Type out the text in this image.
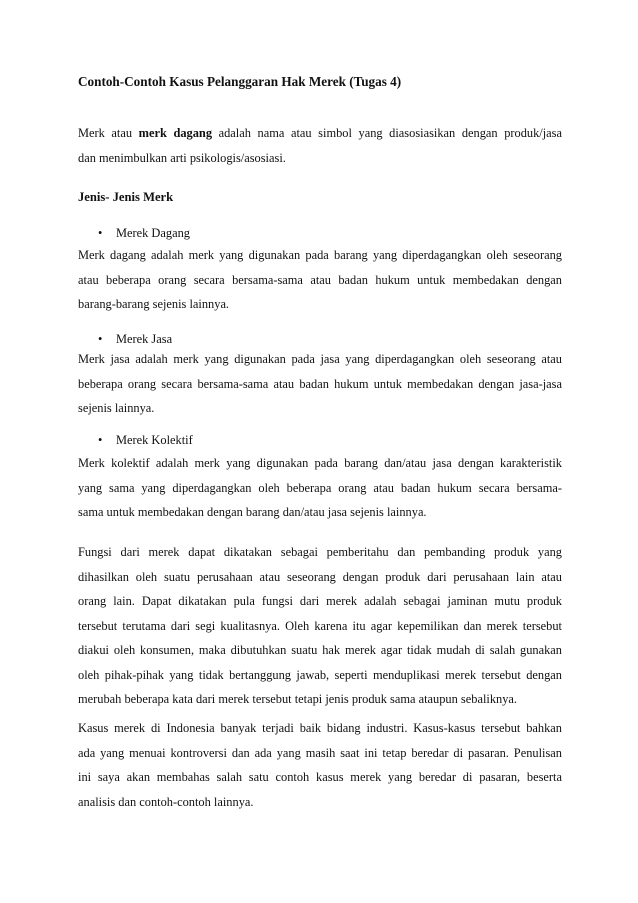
Contoh-Contoh Kasus Pelanggaran Hak Merek (Tugas 4)
Merk atau merk dagang adalah nama atau simbol yang diasosiasikan dengan produk/jasa
dan menimbulkan arti psikologis/asosiasi.
Jenis- Jenis Merk
• Merek Dagang
Merk dagang adalah merk yang digunakan pada barang yang diperdagangkan oleh seseorang
atau beberapa orang secara bersama-sama atau badan hukum untuk membedakan dengan
barang-barang sejenis lainnya.
• Merek Jasa
Merk jasa adalah merk yang digunakan pada jasa yang diperdagangkan oleh seseorang atau
beberapa orang secara bersama-sama atau badan hukum untuk membedakan dengan jasa-jasa
sejenis lainnya.
• Merek Kolektif
Merk kolektif adalah merk yang digunakan pada barang dan/atau jasa dengan karakteristik
yang sama yang diperdagangkan oleh beberapa orang atau badan hukum secara bersama-
sama untuk membedakan dengan barang dan/atau jasa sejenis lainnya.
Fungsi dari merek dapat dikatakan sebagai pemberitahu dan pembanding produk yang
dihasilkan oleh suatu perusahaan atau seseorang dengan produk dari perusahaan lain atau
orang lain. Dapat dikatakan pula fungsi dari merek adalah sebagai jaminan mutu produk
tersebut terutama dari segi kualitasnya. Oleh karena itu agar kepemilikan dan merek tersebut
diakui oleh konsumen, maka dibutuhkan suatu hak merek agar tidak mudah di salah gunakan
oleh pihak-pihak yang tidak bertanggung jawab, seperti menduplikasi merek tersebut dengan
merubah beberapa kata dari merek tersebut tetapi jenis produk sama ataupun sebaliknya.
Kasus merek di Indonesia banyak terjadi baik bidang industri. Kasus-kasus tersebut bahkan
ada yang menuai kontroversi dan ada yang masih saat ini tetap beredar di pasaran. Penulisan
ini saya akan membahas salah satu contoh kasus merek yang beredar di pasaran, beserta
analisis dan contoh-contoh lainnya.
